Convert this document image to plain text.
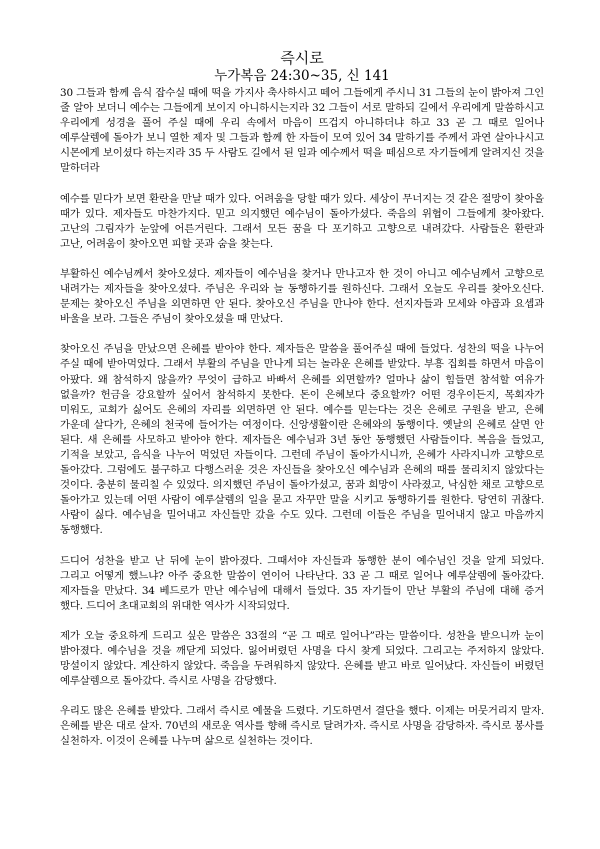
즉시로
누가복음 24:30~35, 신 141

30 그들과 함께 음식 잡수실 때에 떡을 가지사 축사하시고 떼어 그들에게 주시니 31 그들의 눈이 밝아져 그인 줄 알아 보더니 예수는 그들에게 보이지 아니하시는지라 32 그들이 서로 말하되 길에서 우리에게 말씀하시고 우리에게 성경을 풀어 주실 때에 우리 속에서 마음이 뜨겁지 아니하더냐 하고 33 곧 그 때로 일어나 예루살렘에 돌아가 보니 열한 제자 및 그들과 함께 한 자들이 모여 있어 34 말하기를 주께서 과연 살아나시고 시몬에게 보이셨다 하는지라 35 두 사람도 길에서 된 일과 예수께서 떡을 떼심으로 자기들에게 알려지신 것을 말하더라

예수를 믿다가 보면 환란을 만날 때가 있다. 어려움을 당할 때가 있다. 세상이 무너지는 것 같은 절망이 찾아올 때가 있다. 제자들도 마찬가지다. 믿고 의지했던 예수님이 돌아가셨다. 죽음의 위협이 그들에게 찾아왔다. 고난의 그림자가 눈앞에 어른거린다. 그래서 모든 꿈을 다 포기하고 고향으로 내려갔다. 사람들은 환란과 고난, 어려움이 찾아오면 피할 곳과 숨을 찾는다.

부활하신 예수님께서 찾아오셨다. 제자들이 예수님을 찾거나 만나고자 한 것이 아니고 예수님께서 고향으로 내려가는 제자들을 찾아오셨다. 주님은 우리와 늘 동행하기를 원하신다. 그래서 오늘도 우리를 찾아오신다. 문제는 찾아오신 주님을 외면하면 안 된다. 찾아오신 주님을 만나야 한다. 선지자들과 모세와 야곱과 요셉과 바울을 보라. 그들은 주님이 찾아오셨을 때 만났다.

찾아오신 주님을 만났으면 은혜를 받아야 한다. 제자들은 말씀을 풀어주실 때에 들었다. 성찬의 떡을 나누어 주실 때에 받아먹었다. 그래서 부활의 주님을 만나게 되는 놀라운 은혜를 받았다. 부흥 집회를 하면서 마음이 아팠다. 왜 참석하지 않을까? 무엇이 급하고 바빠서 은혜를 외면할까? 얼마나 삶이 힘들면 참석할 여유가 없을까? 헌금을 강요할까 싶어서 참석하지 못한다. 돈이 은혜보다 중요할까? 어떤 경우이든지, 목회자가 미워도, 교회가 싫어도 은혜의 자리를 외면하면 안 된다. 예수를 믿는다는 것은 은혜로 구원을 받고, 은혜 가운데 살다가, 은혜의 천국에 들어가는 여정이다. 신앙생활이란 은혜와의 동행이다. 옛날의 은혜로 살면 안 된다. 새 은혜를 사모하고 받아야 한다. 제자들은 예수님과 3년 동안 동행했던 사람들이다. 복음을 들었고, 기적을 보았고, 음식을 나누어 먹었던 자들이다. 그런데 주님이 돌아가시니까, 은혜가 사라지니까 고향으로 돌아갔다. 그럼에도 불구하고 다행스러운 것은 자신들을 찾아오신 예수님과 은혜의 때를 물리치지 않았다는 것이다. 충분히 물리칠 수 있었다. 의지했던 주님이 돌아가셨고, 꿈과 희망이 사라졌고, 낙심한 채로 고향으로 돌아가고 있는데 어떤 사람이 예루살렘의 일을 묻고 자꾸만 말을 시키고 동행하기를 원한다. 당연히 귀찮다. 사람이 싫다. 예수님을 밀어내고 자신들만 갔을 수도 있다. 그런데 이들은 주님을 밀어내지 않고 마음까지 동행했다.

드디어 성찬을 받고 난 뒤에 눈이 밝아졌다. 그때서야 자신들과 동행한 분이 예수님인 것을 알게 되었다. 그리고 어떻게 했느냐? 아주 중요한 말씀이 연이어 나타난다. 33 곧 그 때로 일어나 예루살렘에 돌아갔다. 제자들을 만났다. 34 베드로가 만난 예수님에 대해서 들었다. 35 자기들이 만난 부활의 주님에 대해 증거 했다. 드디어 초대교회의 위대한 역사가 시작되었다.

제가 오늘 중요하게 드리고 싶은 말씀은 33절의 “곧 그 때로 일어나”라는 말씀이다. 성찬을 받으니까 눈이 밝아졌다. 예수님을 것을 깨닫게 되었다. 잃어버렸던 사명을 다시 찾게 되었다. 그리고는 주저하지 않았다. 망설이지 않았다. 계산하지 않았다. 죽음을 두려워하지 않았다. 은혜를 받고 바로 일어났다. 자신들이 버렸던 예루살렘으로 돌아갔다. 즉시로 사명을 감당했다.

우리도 많은 은혜를 받았다. 그래서 즉시로 예물을 드렸다. 기도하면서 결단을 했다. 이제는 머뭇거리지 말자. 은혜를 받은 대로 살자. 70년의 새로운 역사를 향해 즉시로 달려가자. 즉시로 사명을 감당하자. 즉시로 봉사를 실천하자. 이것이 은혜를 나누며 삶으로 실천하는 것이다.
